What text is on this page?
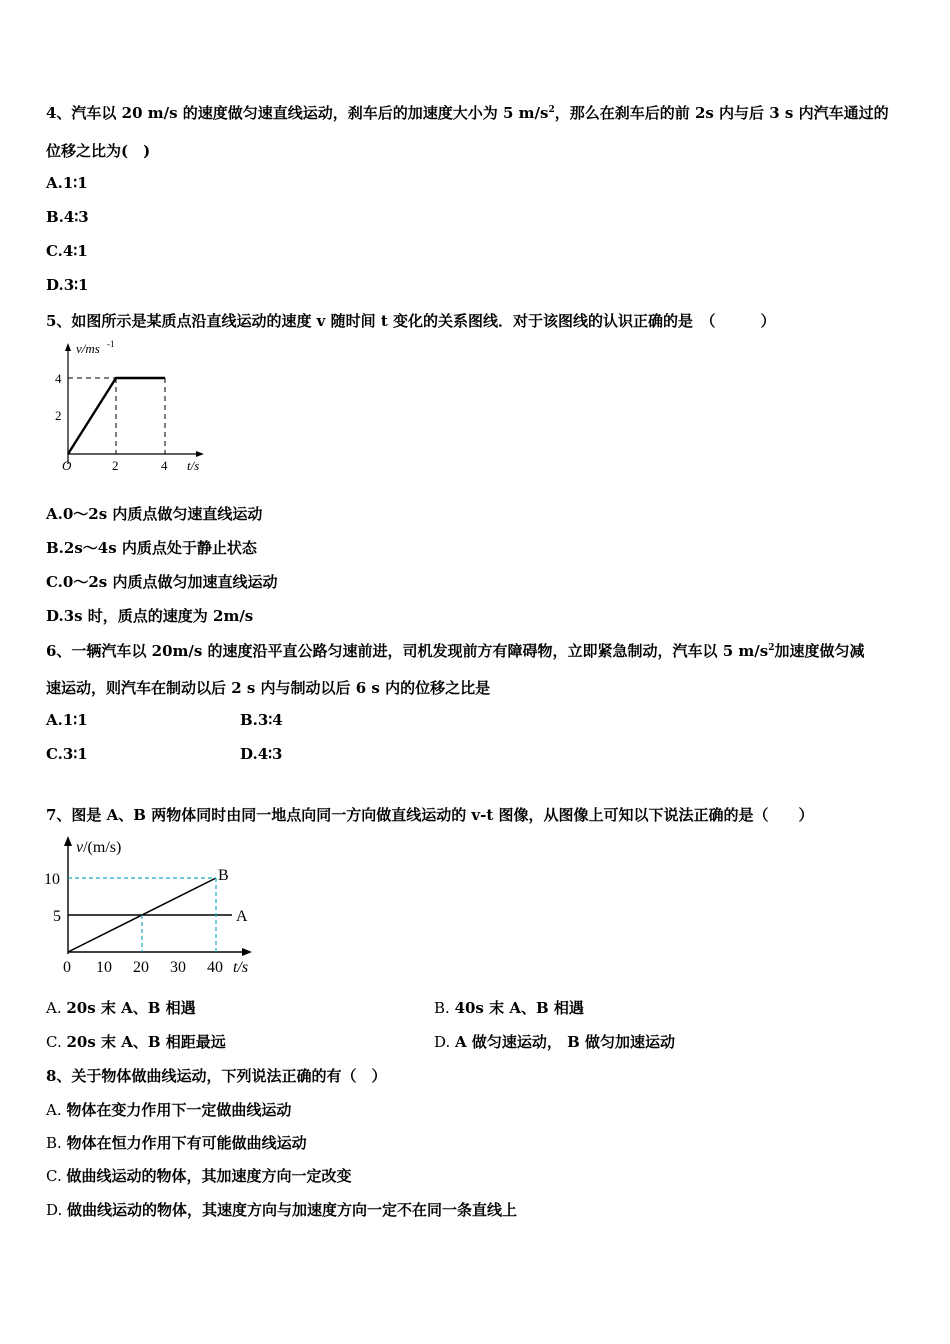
4、汽车以 20 m/s 的速度做匀速直线运动，刹车后的加速度大小为 5 $m/s^2$，那么在刹车后的前 2s 内与后 3 s 内汽车通过的
位移之比为(　)
A.1∶1
B.4∶3
C.4∶1
D.3∶1
5、如图所示是某质点沿直线运动的速度 v 随时间 t 变化的关系图线．对于该图线的认识正确的是　（　　　）
v/ms -1
4
2
O	2	4 t/s
A.0～2s 内质点做匀速直线运动
B.2s～4s 内质点处于静止状态
C.0～2s 内质点做匀加速直线运动
D.3s 时，质点的速度为 2m/s
6、一辆汽车以 20m/s 的速度沿平直公路匀速前进，司机发现前方有障碍物，立即紧急制动，汽车以 5 $m/s^2$加速度做匀减
速运动，则汽车在制动以后 2 s 内与制动以后 6 s 内的位移之比是
A.1∶1	B.3∶4
C.3∶1	D.4∶3
7、图是 A、B 两物体同时由同一地点向同一方向做直线运动的 v-t 图像，从图像上可知以下说法正确的是（　　）
v/(m/s)
10
5
B
A
0 10 20 30 40 t/s
A. 20s 末 A、B 相遇	B. 40s 末 A、B 相遇
C. 20s 末 A、B 相距最远	D. A 做匀速运动， B 做匀加速运动
8、关于物体做曲线运动，下列说法正确的有（　）
A. 物体在变力作用下一定做曲线运动
B. 物体在恒力作用下有可能做曲线运动
C. 做曲线运动的物体，其加速度方向一定改变
D. 做曲线运动的物体，其速度方向与加速度方向一定不在同一条直线上
